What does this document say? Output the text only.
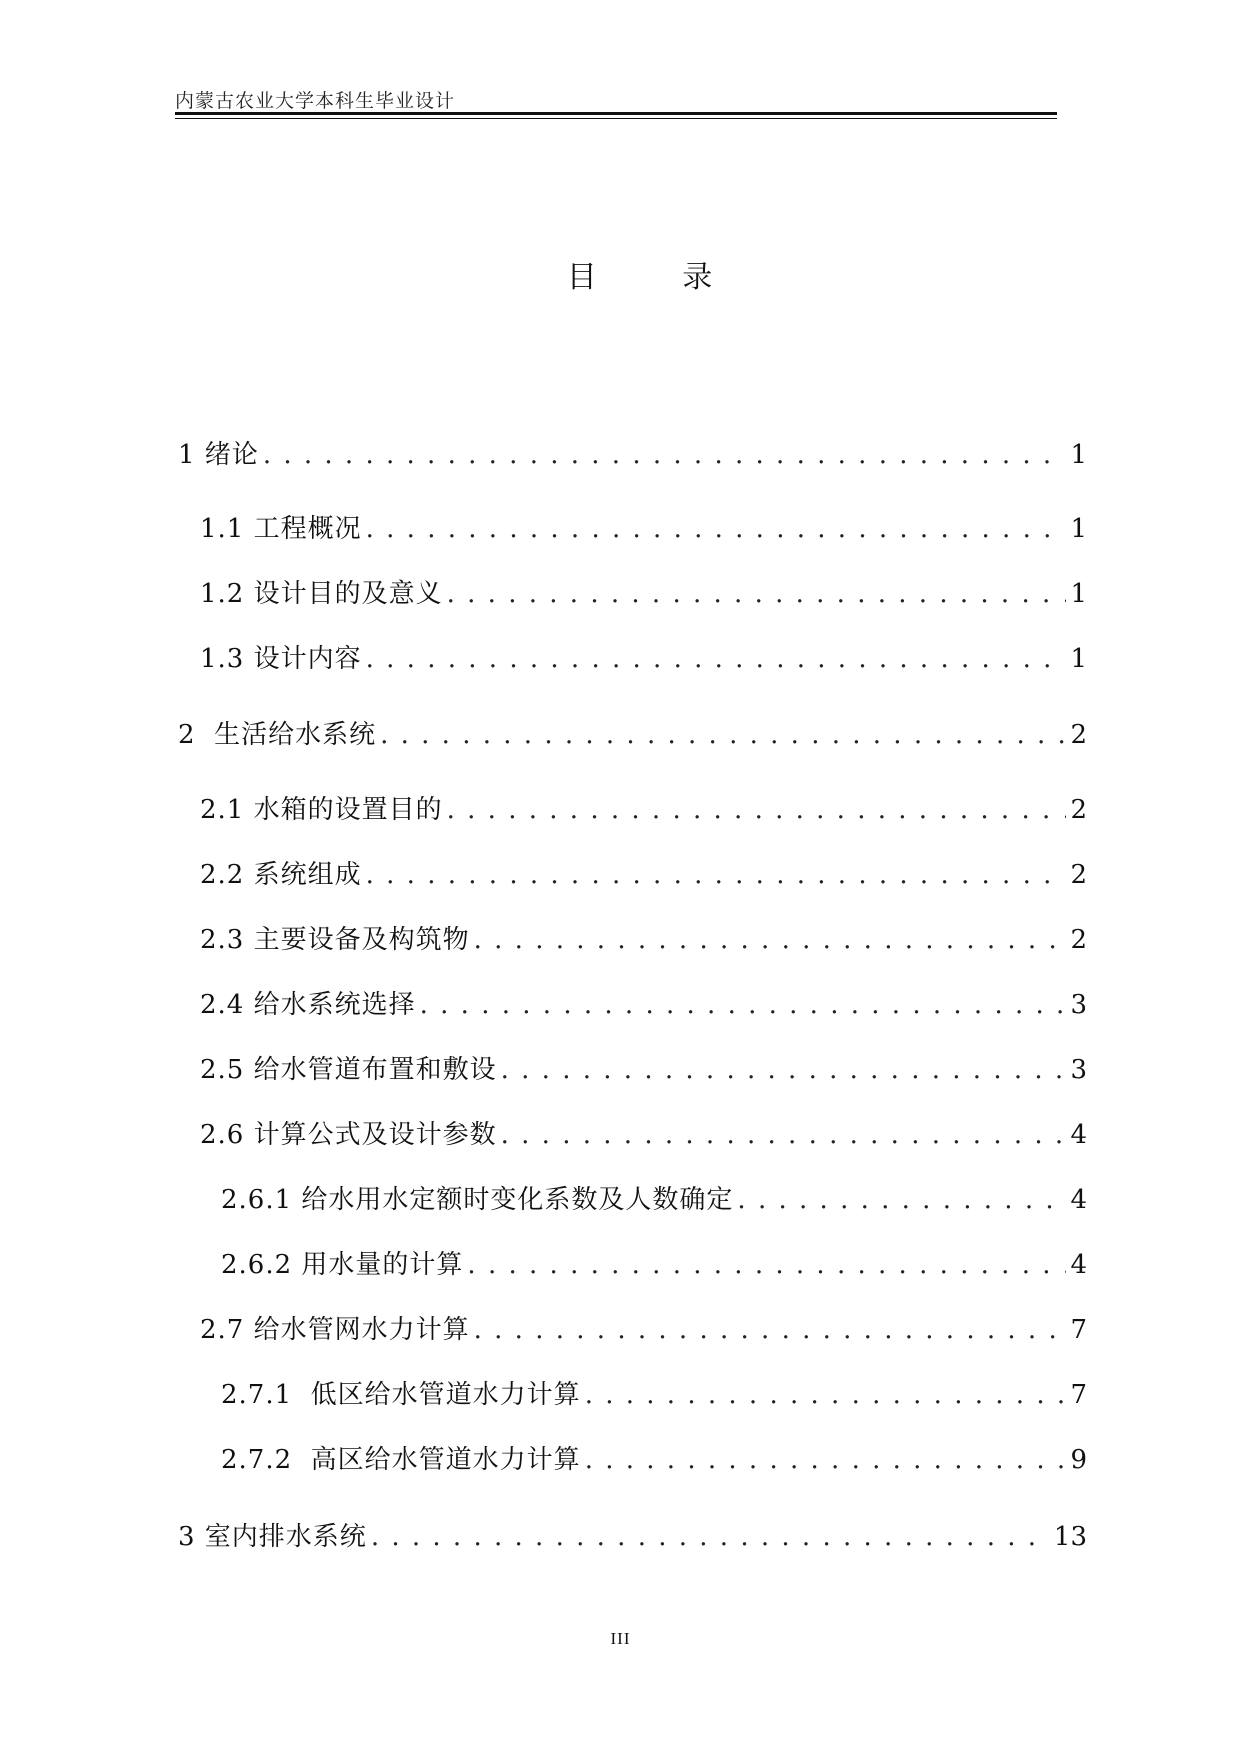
内蒙古农业大学本科生毕业设计
目 录
1 绪论 . . .	1
1.1 工程概况 . . .	1
1.2 设计目的及意义 . . .	1
1.3 设计内容 . . .	1
2  生活给水系统 . . .	2
2.1 水箱的设置目的 . . .	2
2.2 系统组成 . . .	2
2.3 主要设备及构筑物 . . .	2
2.4 给水系统选择 . . .	3
2.5 给水管道布置和敷设 . . .	3
2.6 计算公式及设计参数 . . .	4
2.6.1 给水用水定额时变化系数及人数确定 . . .	4
2.6.2 用水量的计算 . . .	4
2.7 给水管网水力计算 . . .	7
2.7.1  低区给水管道水力计算 . . .	7
2.7.2  高区给水管道水力计算 . . .	9
3 室内排水系统 . . .	13
III
